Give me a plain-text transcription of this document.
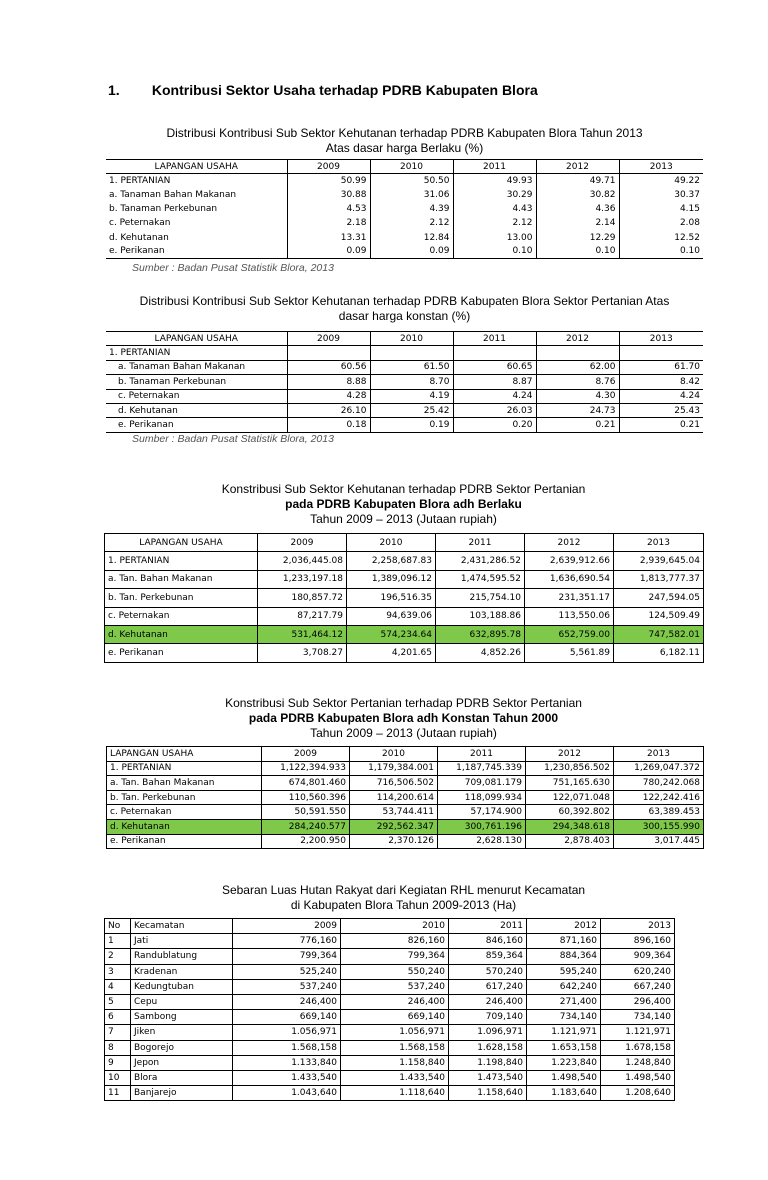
1. Kontribusi Sektor Usaha terhadap PDRB Kabupaten Blora
Distribusi Kontribusi Sub Sektor Kehutanan terhadap PDRB Kabupaten Blora Tahun 2013
Atas dasar harga Berlaku (%)
LAPANGAN USAHA	2009	2010	2011	2012	2013
1. PERTANIAN	50.99	50.50	49.93	49.71	49.22
a. Tanaman Bahan Makanan	30.88	31.06	30.29	30.82	30.37
b. Tanaman Perkebunan	4.53	4.39	4.43	4.36	4.15
c. Peternakan	2.18	2.12	2.12	2.14	2.08
d. Kehutanan	13.31	12.84	13.00	12.29	12.52
e. Perikanan	0.09	0.09	0.10	0.10	0.10
Sumber : Badan Pusat Statistik Blora, 2013
Distribusi Kontribusi Sub Sektor Kehutanan terhadap PDRB Kabupaten Blora Sektor Pertanian Atas
dasar harga konstan (%)
LAPANGAN USAHA	2009	2010	2011	2012	2013
1. PERTANIAN					
a. Tanaman Bahan Makanan	60.56	61.50	60.65	62.00	61.70
b. Tanaman Perkebunan	8.88	8.70	8.87	8.76	8.42
c. Peternakan	4.28	4.19	4.24	4.30	4.24
d. Kehutanan	26.10	25.42	26.03	24.73	25.43
e. Perikanan	0.18	0.19	0.20	0.21	0.21
Sumber : Badan Pusat Statistik Blora, 2013
Konstribusi Sub Sektor Kehutanan terhadap PDRB Sektor Pertanian
pada PDRB Kabupaten Blora adh Berlaku
Tahun 2009 – 2013 (Jutaan rupiah)
LAPANGAN USAHA	2009	2010	2011	2012	2013
1. PERTANIAN	2,036,445.08	2,258,687.83	2,431,286.52	2,639,912.66	2,939,645.04
a. Tan. Bahan Makanan	1,233,197.18	1,389,096.12	1,474,595.52	1,636,690.54	1,813,777.37
b. Tan. Perkebunan	180,857.72	196,516.35	215,754.10	231,351.17	247,594.05
c. Peternakan	87,217.79	94,639.06	103,188.86	113,550.06	124,509.49
d. Kehutanan	531,464.12	574,234.64	632,895.78	652,759.00	747,582.01
e. Perikanan	3,708.27	4,201.65	4,852.26	5,561.89	6,182.11
Konstribusi Sub Sektor Pertanian terhadap PDRB Sektor Pertanian
pada PDRB Kabupaten Blora adh Konstan Tahun 2000
Tahun 2009 – 2013 (Jutaan rupiah)
LAPANGAN USAHA	2009	2010	2011	2012	2013
1. PERTANIAN	1,122,394.933	1,179,384.001	1,187,745.339	1,230,856.502	1,269,047.372
a. Tan. Bahan Makanan	674,801.460	716,506.502	709,081.179	751,165.630	780,242.068
b. Tan. Perkebunan	110,560.396	114,200.614	118,099.934	122,071.048	122,242.416
c. Peternakan	50,591.550	53,744.411	57,174.900	60,392.802	63,389.453
d. Kehutanan	284,240.577	292,562.347	300,761.196	294,348.618	300,155.990
e. Perikanan	2,200.950	2,370.126	2,628.130	2,878.403	3,017.445
Sebaran Luas Hutan Rakyat dari Kegiatan RHL menurut Kecamatan
di Kabupaten Blora Tahun 2009-2013 (Ha)
No	Kecamatan	2009	2010	2011	2012	2013
1	Jati	776,160	826,160	846,160	871,160	896,160
2	Randublatung	799,364	799,364	859,364	884,364	909,364
3	Kradenan	525,240	550,240	570,240	595,240	620,240
4	Kedungtuban	537,240	537,240	617,240	642,240	667,240
5	Cepu	246,400	246,400	246,400	271,400	296,400
6	Sambong	669,140	669,140	709,140	734,140	734,140
7	Jiken	1.056,971	1.056,971	1.096,971	1.121,971	1.121,971
8	Bogorejo	1.568,158	1.568,158	1.628,158	1.653,158	1.678,158
9	Jepon	1.133,840	1.158,840	1.198,840	1.223,840	1.248,840
10	Blora	1.433,540	1.433,540	1.473,540	1.498,540	1.498,540
11	Banjarejo	1.043,640	1.118,640	1.158,640	1.183,640	1.208,640
